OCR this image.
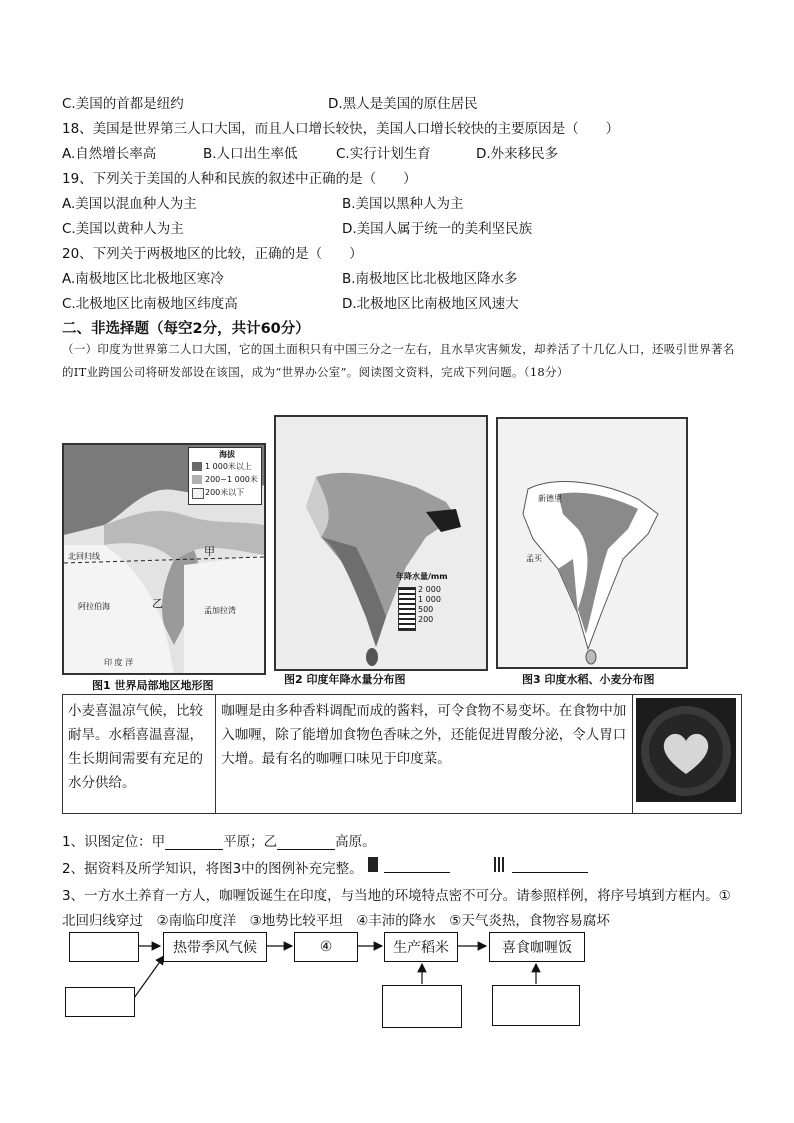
C.美国的首都是纽约	D.黑人是美国的原住居民
18、美国是世界第三人口大国，而且人口增长较快，美国人口增长较快的主要原因是（　　）
A.自然增长率高	B.人口出生率低	C.实行计划生育	D.外来移民多
19、下列关于美国的人种和民族的叙述中正确的是（　　）
A.美国以混血种人为主	B.美国以黑种人为主
C.美国以黄种人为主	D.美国人属于统一的美利坚民族
20、下列关于两极地区的比较，正确的是（　　）
A.南极地区比北极地区寒冷	B.南极地区比北极地区降水多
C.北极地区比南极地区纬度高	D.北极地区比南极地区风速大
二、非选择题（每空2分，共计60分）
（一）印度为世界第二人口大国，它的国土面积只有中国三分之一左右，且水旱灾害频发，却养活了十几亿人口，还吸引世界著名的IT业跨国公司将研发部设在该国，成为“世界办公室”。阅读图文资料，完成下列问题。（18分）
海拔
1 000米以上
200~1 000米
200米以下
甲
乙
北回归线
阿拉伯海	孟加拉湾
印 度 洋
图1 世界局部地区地形图
年降水量/mm
2 000
1 000
500
200
图2 印度年降水量分布图
新德里
孟买
图3 印度水稻、小麦分布图
小麦喜温凉气候，比较耐旱。水稻喜温喜湿，生长期间需要有充足的水分供给。	咖喱是由多种香料调配而成的酱料，可令食物不易变坏。在食物中加入咖喱，除了能增加食物色香味之外，还能促进胃酸分泌，令人胃口大增。最有名的咖喱口味见于印度菜。	
1、识图定位：甲	平原；乙	高原。
2、据资料及所学知识，将图3中的图例补充完整。
3、一方水土养育一方人，咖喱饭诞生在印度，与当地的环境特点密不可分。请参照样例，将序号填到方框内。①
北回归线穿过　②南临印度洋　③地势比较平坦　④丰沛的降水　⑤天气炎热，食物容易腐坏
热带季风气候	④	生产稻米	喜食咖喱饭
